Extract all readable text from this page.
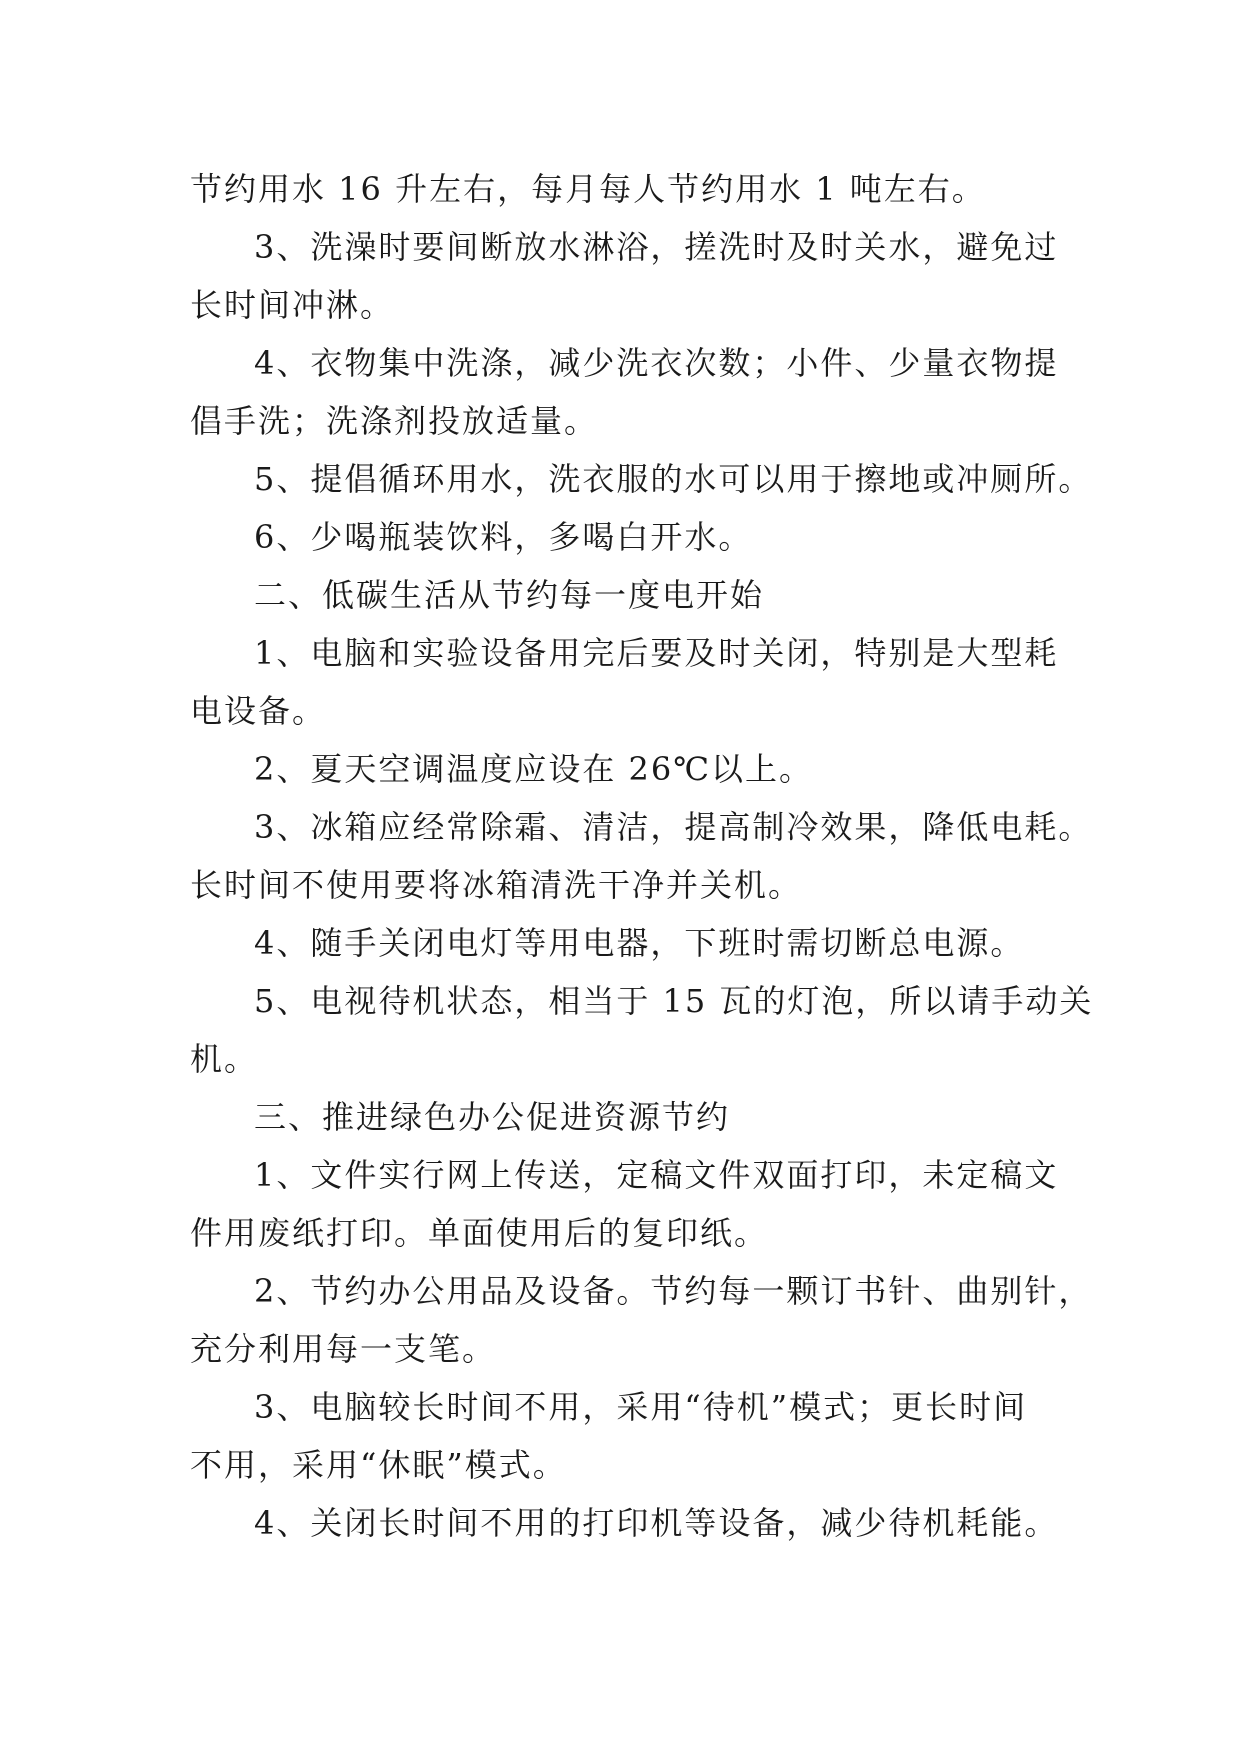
节约用水 16 升左右，每月每人节约用水 1 吨左右。
3、洗澡时要间断放水淋浴，搓洗时及时关水，避免过
长时间冲淋。
4、衣物集中洗涤，减少洗衣次数；小件、少量衣物提
倡手洗；洗涤剂投放适量。
5、提倡循环用水，洗衣服的水可以用于擦地或冲厕所。
6、少喝瓶装饮料，多喝白开水。
二、低碳生活从节约每一度电开始
1、电脑和实验设备用完后要及时关闭，特别是大型耗
电设备。
2、夏天空调温度应设在 26℃以上。
3、冰箱应经常除霜、清洁，提高制冷效果，降低电耗。
长时间不使用要将冰箱清洗干净并关机。
4、随手关闭电灯等用电器，下班时需切断总电源。
5、电视待机状态，相当于 15 瓦的灯泡，所以请手动关
机。
三、推进绿色办公促进资源节约
1、文件实行网上传送，定稿文件双面打印，未定稿文
件用废纸打印。单面使用后的复印纸。
2、节约办公用品及设备。节约每一颗订书针、曲别针，
充分利用每一支笔。
3、电脑较长时间不用，采用“待机”模式；更长时间
不用，采用“休眠”模式。
4、关闭长时间不用的打印机等设备，减少待机耗能。
